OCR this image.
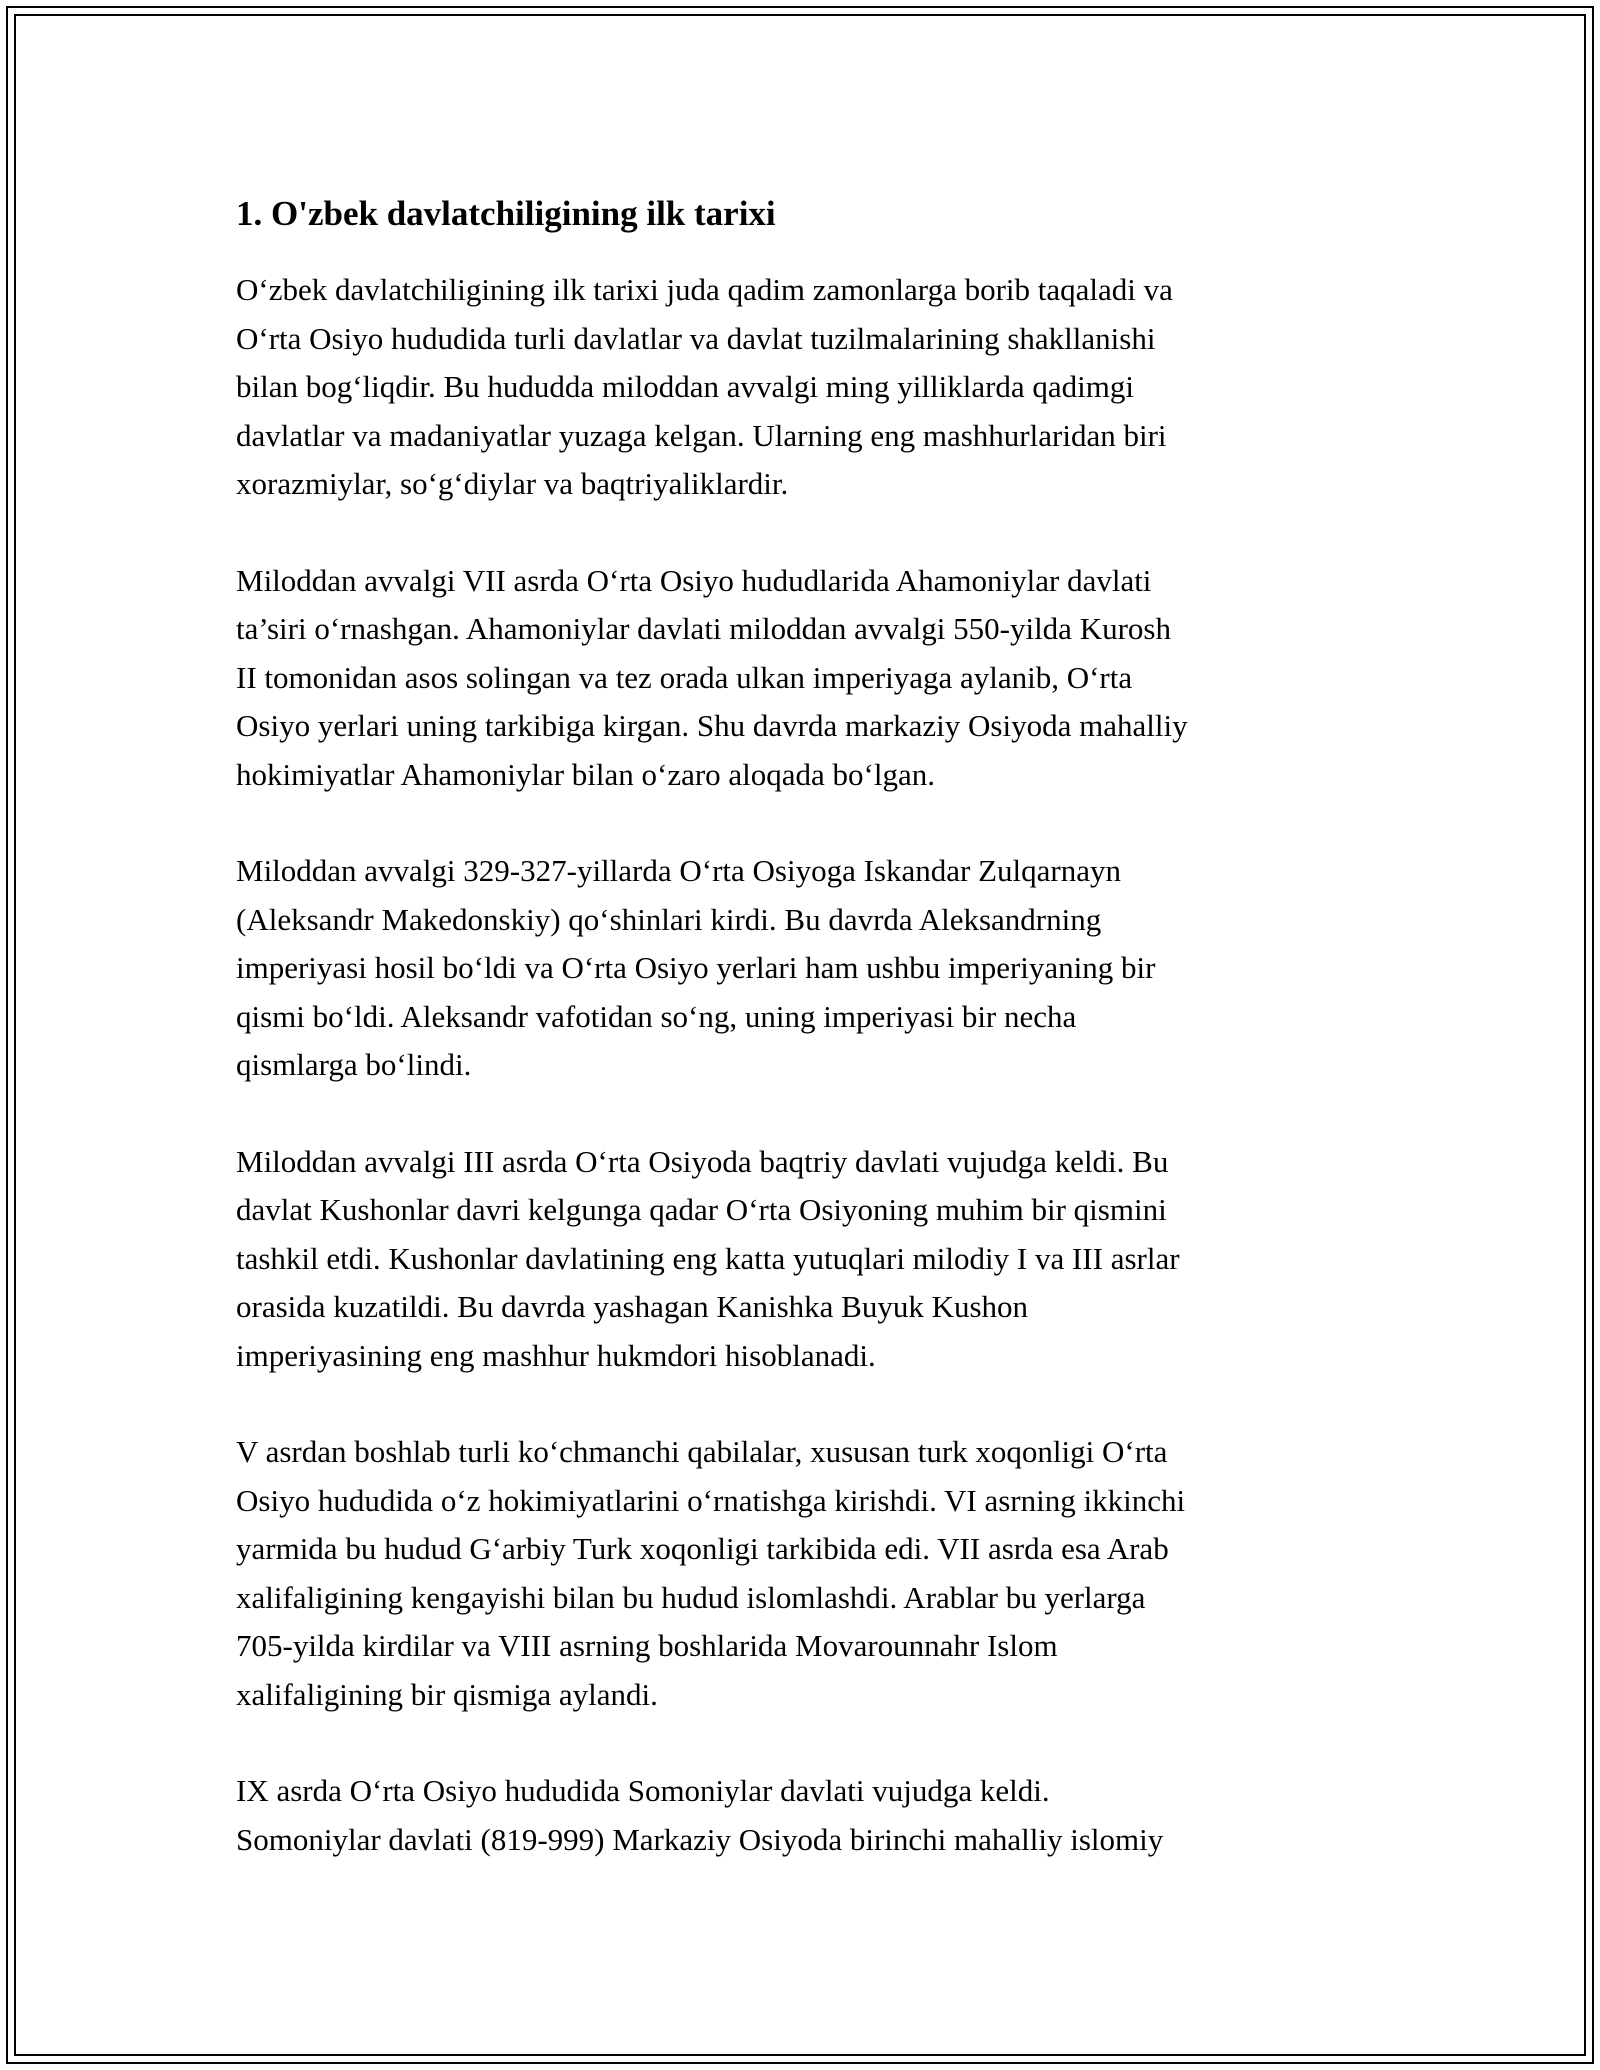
1. O'zbek davlatchiligining ilk tarixi

O‘zbek davlatchiligining ilk tarixi juda qadim zamonlarga borib taqaladi va
O‘rta Osiyo hududida turli davlatlar va davlat tuzilmalarining shakllanishi
bilan bog‘liqdir. Bu hududda miloddan avvalgi ming yilliklarda qadimgi
davlatlar va madaniyatlar yuzaga kelgan. Ularning eng mashhurlaridan biri
xorazmiylar, so‘g‘diylar va baqtriyaliklardir.

Miloddan avvalgi VII asrda O‘rta Osiyo hududlarida Ahamoniylar davlati
ta’siri o‘rnashgan. Ahamoniylar davlati miloddan avvalgi 550-yilda Kurosh
II tomonidan asos solingan va tez orada ulkan imperiyaga aylanib, O‘rta
Osiyo yerlari uning tarkibiga kirgan. Shu davrda markaziy Osiyoda mahalliy
hokimiyatlar Ahamoniylar bilan o‘zaro aloqada bo‘lgan.

Miloddan avvalgi 329-327-yillarda O‘rta Osiyoga Iskandar Zulqarnayn
(Aleksandr Makedonskiy) qo‘shinlari kirdi. Bu davrda Aleksandrning
imperiyasi hosil bo‘ldi va O‘rta Osiyo yerlari ham ushbu imperiyaning bir
qismi bo‘ldi. Aleksandr vafotidan so‘ng, uning imperiyasi bir necha
qismlarga bo‘lindi.

Miloddan avvalgi III asrda O‘rta Osiyoda baqtriy davlati vujudga keldi. Bu
davlat Kushonlar davri kelgunga qadar O‘rta Osiyoning muhim bir qismini
tashkil etdi. Kushonlar davlatining eng katta yutuqlari milodiy I va III asrlar
orasida kuzatildi. Bu davrda yashagan Kanishka Buyuk Kushon
imperiyasining eng mashhur hukmdori hisoblanadi.

V asrdan boshlab turli ko‘chmanchi qabilalar, xususan turk xoqonligi O‘rta
Osiyo hududida o‘z hokimiyatlarini o‘rnatishga kirishdi. VI asrning ikkinchi
yarmida bu hudud G‘arbiy Turk xoqonligi tarkibida edi. VII asrda esa Arab
xalifaligining kengayishi bilan bu hudud islomlashdi. Arablar bu yerlarga
705-yilda kirdilar va VIII asrning boshlarida Movarounnahr Islom
xalifaligining bir qismiga aylandi.

IX asrda O‘rta Osiyo hududida Somoniylar davlati vujudga keldi.
Somoniylar davlati (819-999) Markaziy Osiyoda birinchi mahalliy islomiy
